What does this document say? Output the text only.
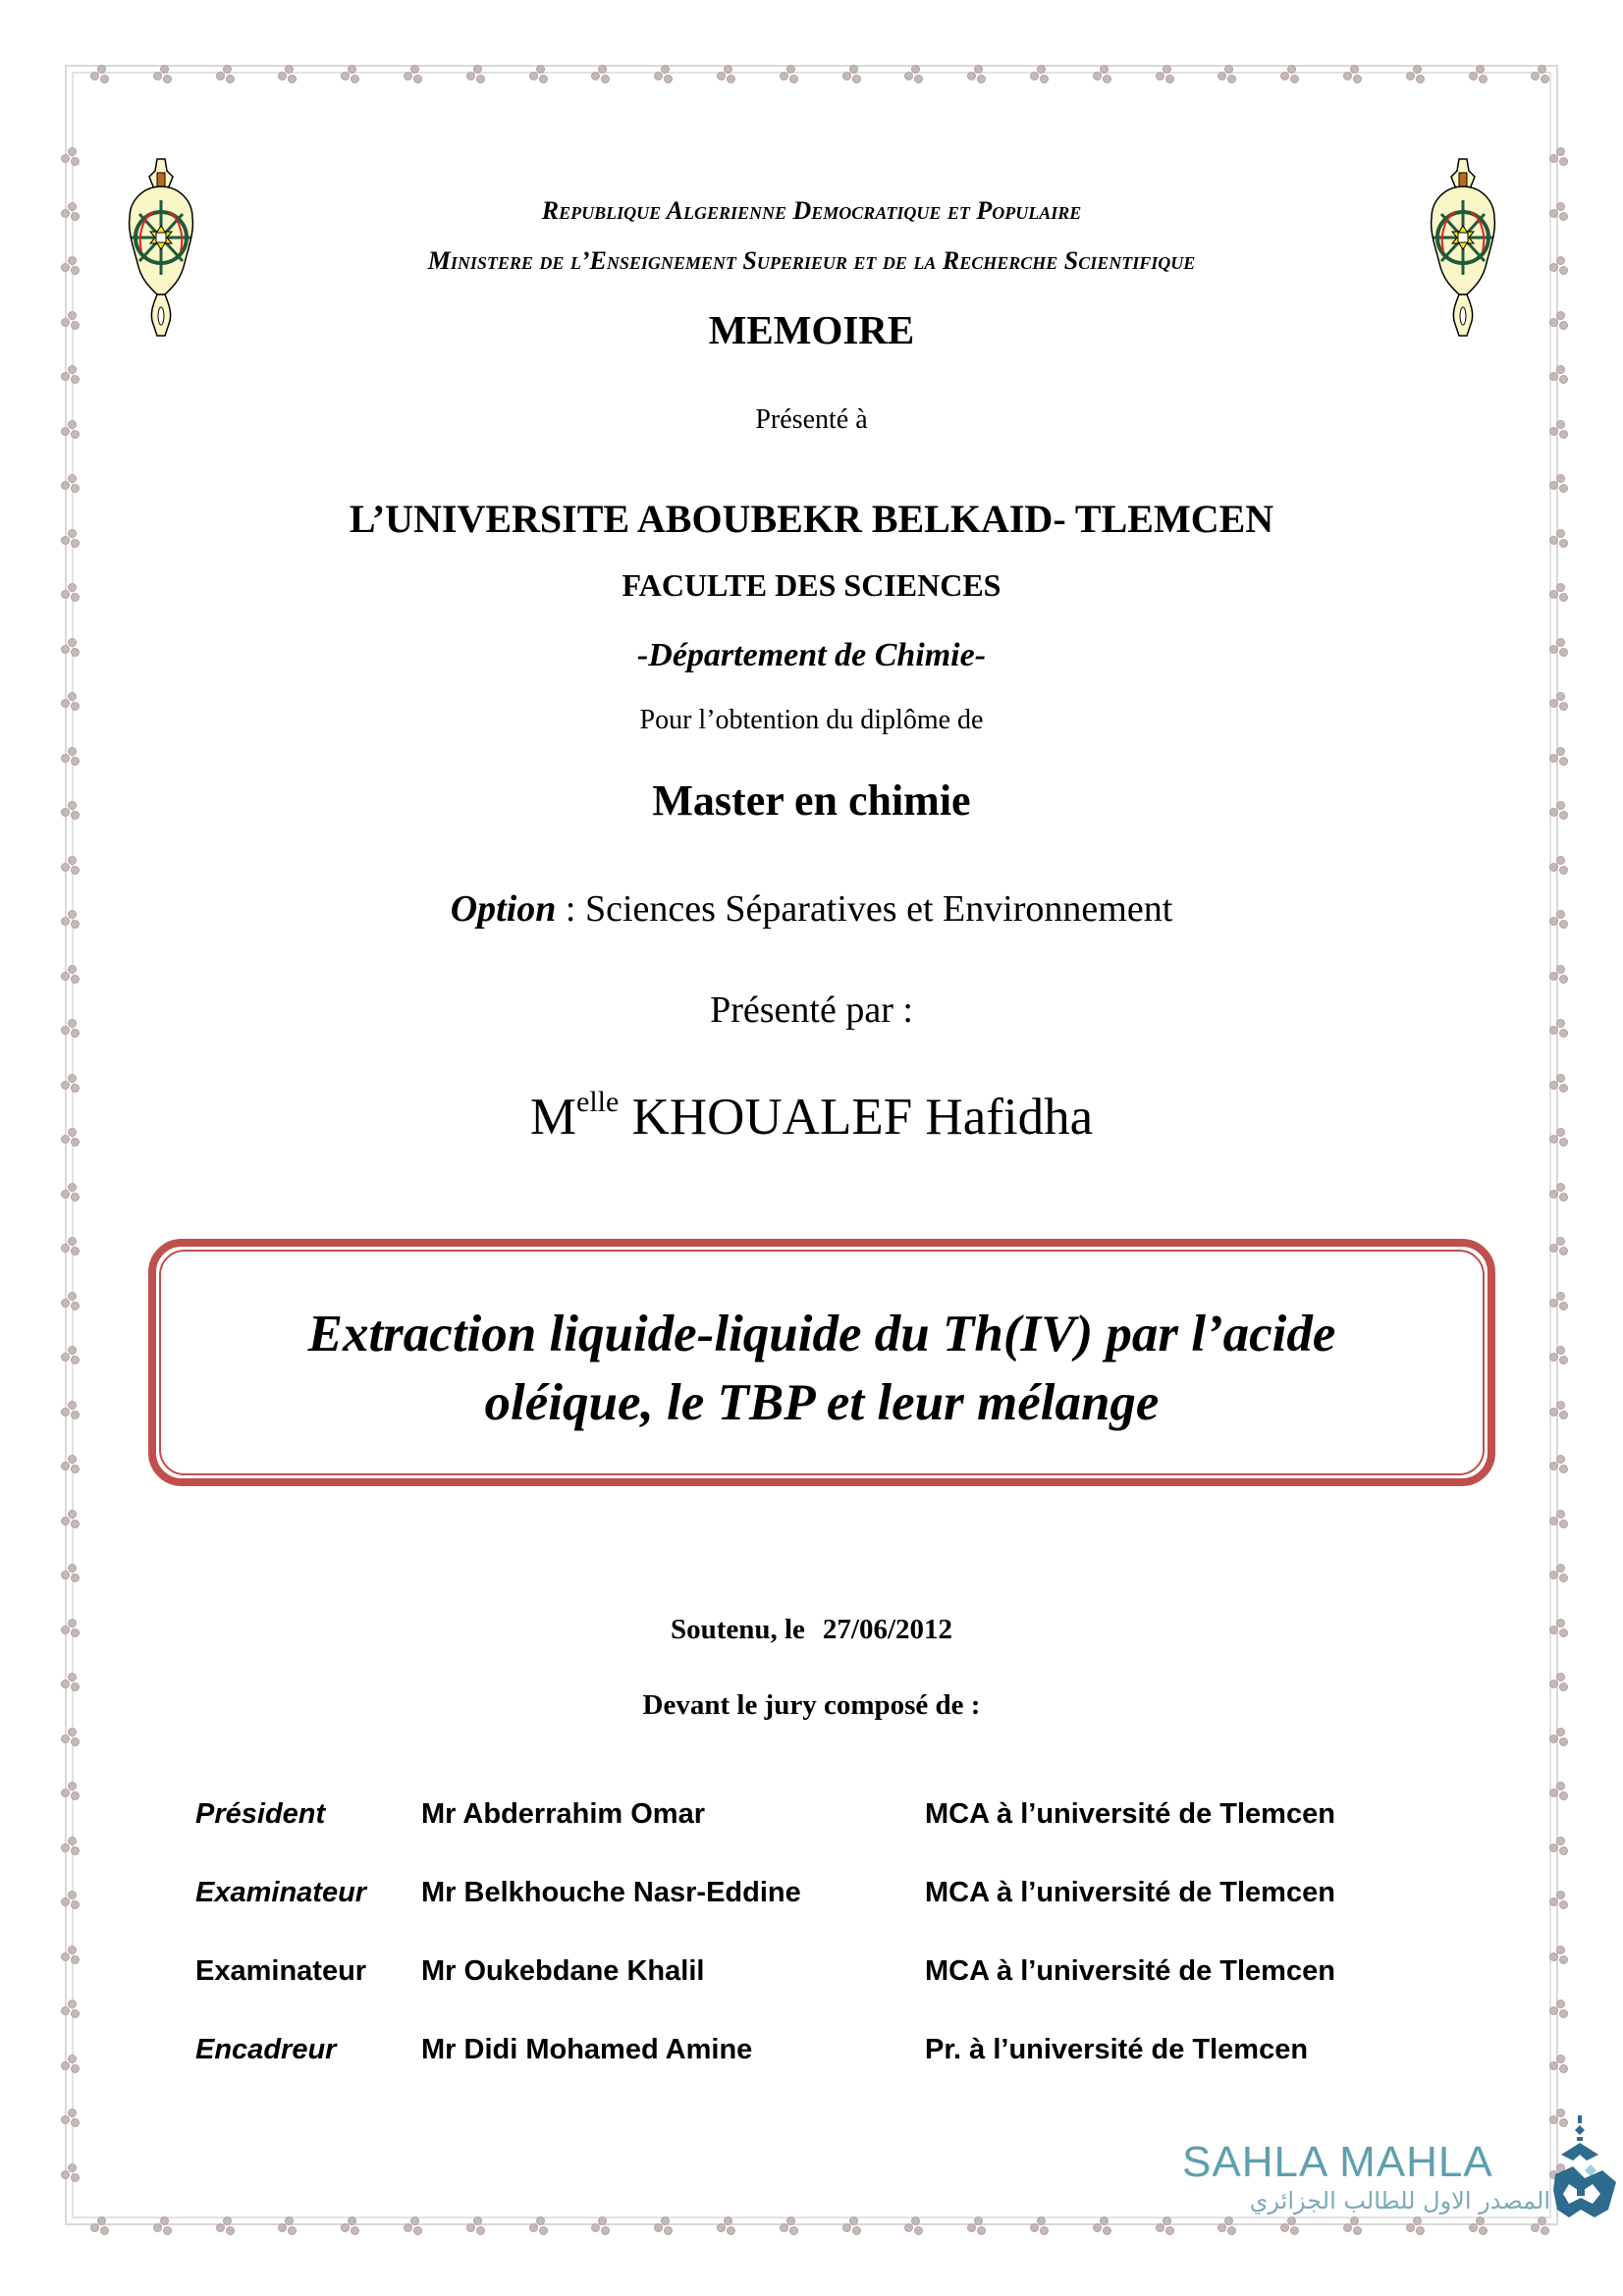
Republique Algerienne Democratique et Populaire
Ministere de l’Enseignement Superieur et de la Recherche Scientifique
MEMOIRE
Présenté à
L’UNIVERSITE ABOUBEKR BELKAID- TLEMCEN
FACULTE DES SCIENCES
-Département de Chimie-
Pour l’obtention du diplôme de
Master en chimie
Option : Sciences Séparatives et Environnement
Présenté par :
$M^{elle}$ KHOUALEF Hafidha
Extraction liquide-liquide du Th(IV) par l’acide
oléique, le TBP et leur mélange
Soutenu, le 27/06/2012
Devant le jury composé de :
Président	Mr Abderrahim Omar	MCA à l’université de Tlemcen
Examinateur Mr Belkhouche Nasr-Eddine	MCA à l’université de Tlemcen
Examinateur Mr Oukebdane Khalil	MCA à l’université de Tlemcen
Encadreur	Mr Didi Mohamed Amine	Pr. à l’université de Tlemcen
SAHLA MAHLA
المصدر الاول للطالب الجزائري
